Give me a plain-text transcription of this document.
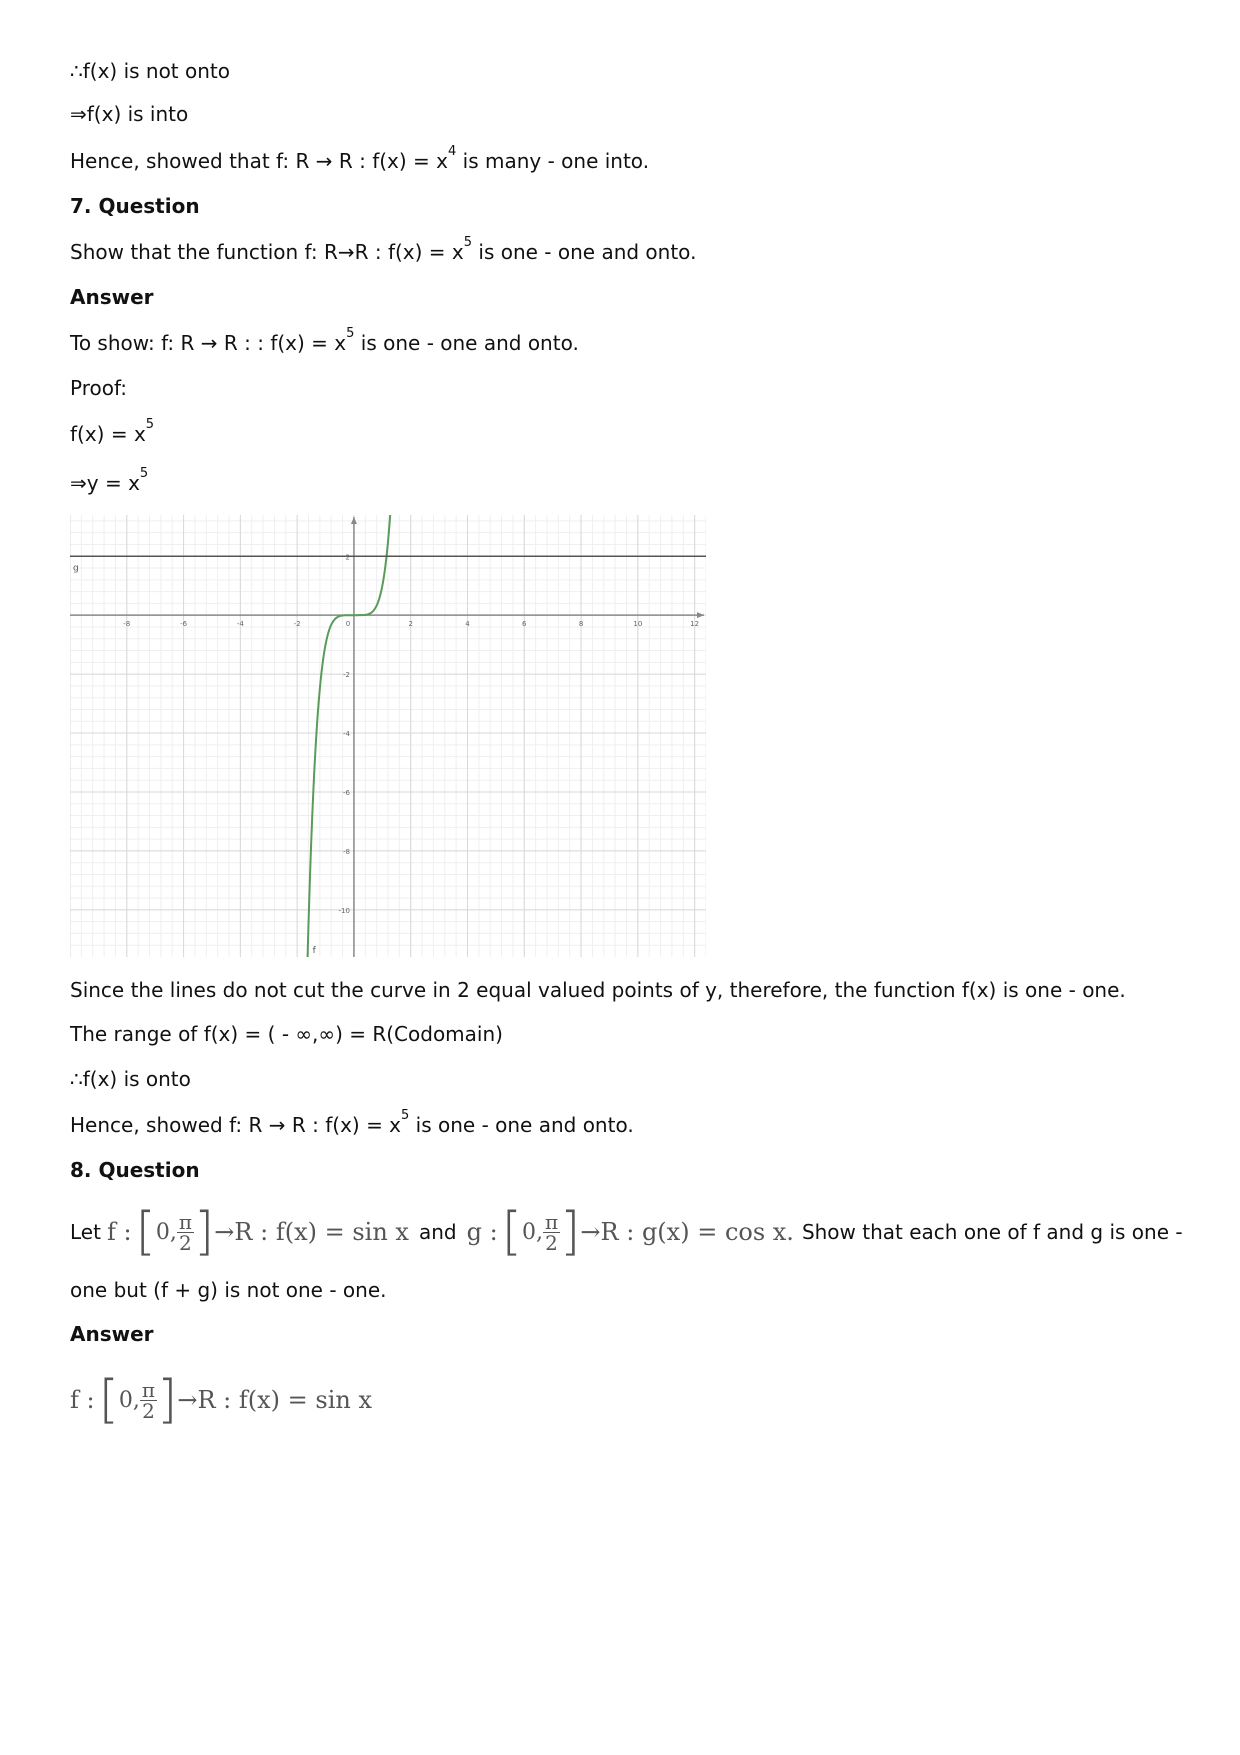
∴f(x) is not onto
⇒f(x) is into
Hence, showed that f: R → R : $f(x) = x^4$ is many - one into.
7. Question
Show that the function f: R→R : $f(x) = x^5$ is one - one and onto.
Answer
To show: f: R → R : : $f(x) = x^5$ is one - one and onto.
Proof:
$f(x) = x^5$
⇒y = $x^5$
-8	-6	-4	-2	0	2	4	6	8	10	12
2
-2
-4
-6
-8
-10
f
g
Since the lines do not cut the curve in 2 equal valued points of y, therefore, the function f(x) is one - one.
The range of f(x) = ( - ∞,∞) = R(Codomain)
∴f(x) is onto
Hence, showed f: R → R : $f(x) = x^5$ is one - one and onto.
8. Question
Let f : [ 0, $\frac{\pi}{2}$ ] →R : f(x) = sin x and g : [ 0, $\frac{\pi}{2}$ ] →R : g(x) = cos x. Show that each one of f and g is one -
one but (f + g) is not one - one.
Answer
f : [ 0, $\frac{\pi}{2}$ ] →R : f(x) = sin x
